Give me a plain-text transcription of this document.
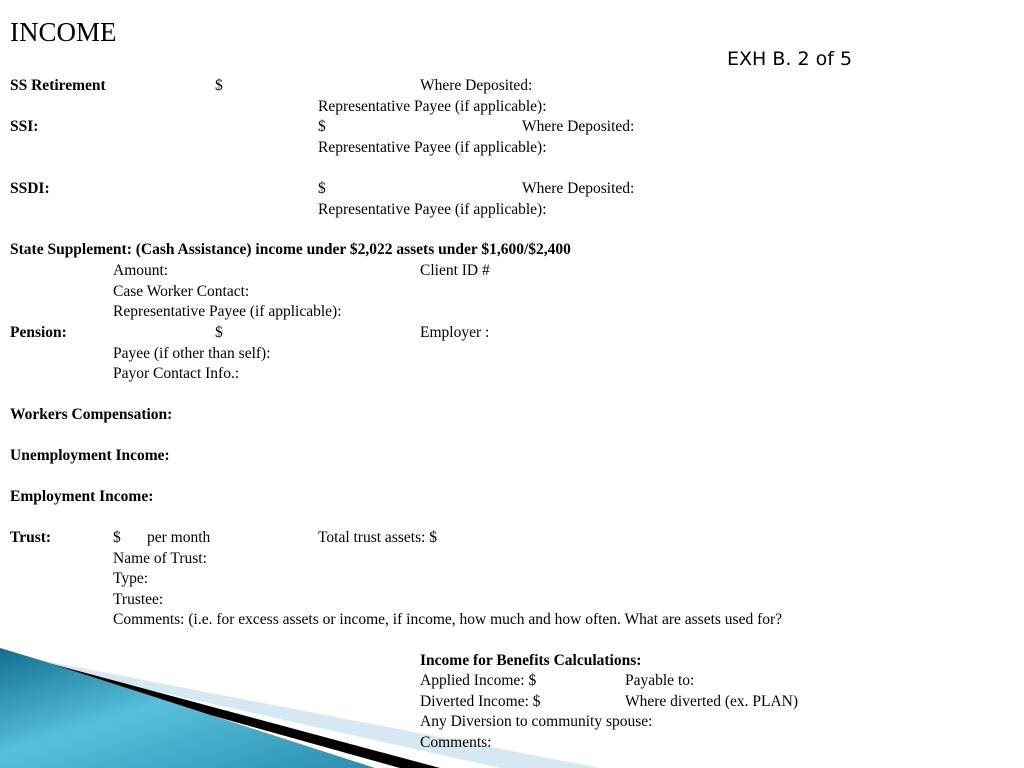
INCOME
EXH B. 2 of 5
SS Retirement	$	Where Deposited:
Representative Payee (if applicable):
SSI:	$	Where Deposited:
Representative Payee (if applicable):
SSDI:	$	Where Deposited:
Representative Payee (if applicable):
State Supplement: (Cash Assistance) income under $2,022 assets under $1,600/$2,400
Amount:	Client ID #
Case Worker Contact:
Representative Payee (if applicable):
Pension:	$	Employer :
Payee (if other than self):
Payor Contact Info.:
Workers Compensation:
Unemployment Income:
Employment Income:
Trust:	$ per month	Total trust assets: $
Name of Trust:
Type:
Trustee:
Comments: (i.e. for excess assets or income, if income, how much and how often. What are assets used for?
Income for Benefits Calculations:
Applied Income: $	Payable to:
Diverted Income: $	Where diverted (ex. PLAN)
Any Diversion to community spouse:
Comments:
